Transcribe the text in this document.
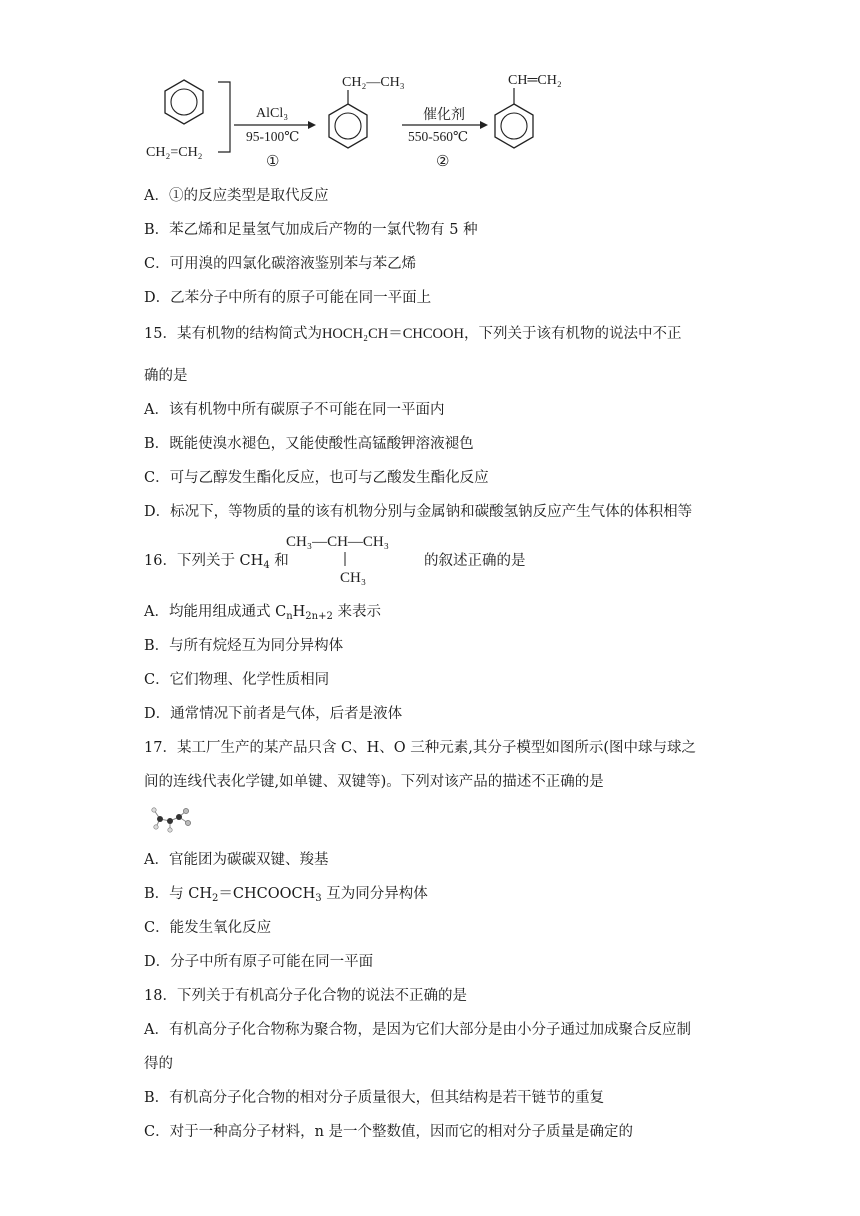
CH₂=CH₂
AlCl₃
95-100℃
①
CH₂—CH₃
催化剂
550-560℃
②
CH═CH₂
A．①的反应类型是取代反应
B．苯乙烯和足量氢气加成后产物的一氯代物有 5 种
C．可用溴的四氯化碳溶液鉴别苯与苯乙烯
D．乙苯分子中所有的原子可能在同一平面上
15．某有机物的结构简式为HOCH₂CH＝CHCOOH，下列关于该有机物的说法中不正
确的是
A．该有机物中所有碳原子不可能在同一平面内
B．既能使溴水褪色，又能使酸性高锰酸钾溶液褪色
C．可与乙醇发生酯化反应，也可与乙酸发生酯化反应
D．标况下，等物质的量的该有机物分别与金属钠和碳酸氢钠反应产生气体的体积相等
16．下列关于 $CH_4$ 和
CH₃—CH—CH₃
CH₃
的叙述正确的是
A．均能用组成通式 $C_nH_{2n+2}$ 来表示
B．与所有烷烃互为同分异构体
C．它们物理、化学性质相同
D．通常情况下前者是气体，后者是液体
17．某工厂生产的某产品只含 C、H、O 三种元素,其分子模型如图所示(图中球与球之
间的连线代表化学键,如单键、双键等)。下列对该产品的描述不正确的是
A．官能团为碳碳双键、羧基
B．与 $CH_2=CHCOOCH_3$ 互为同分异构体
C．能发生氧化反应
D．分子中所有原子可能在同一平面
18．下列关于有机高分子化合物的说法不正确的是
A．有机高分子化合物称为聚合物，是因为它们大部分是由小分子通过加成聚合反应制
得的
B．有机高分子化合物的相对分子质量很大，但其结构是若干链节的重复
C．对于一种高分子材料，n 是一个整数值，因而它的相对分子质量是确定的
